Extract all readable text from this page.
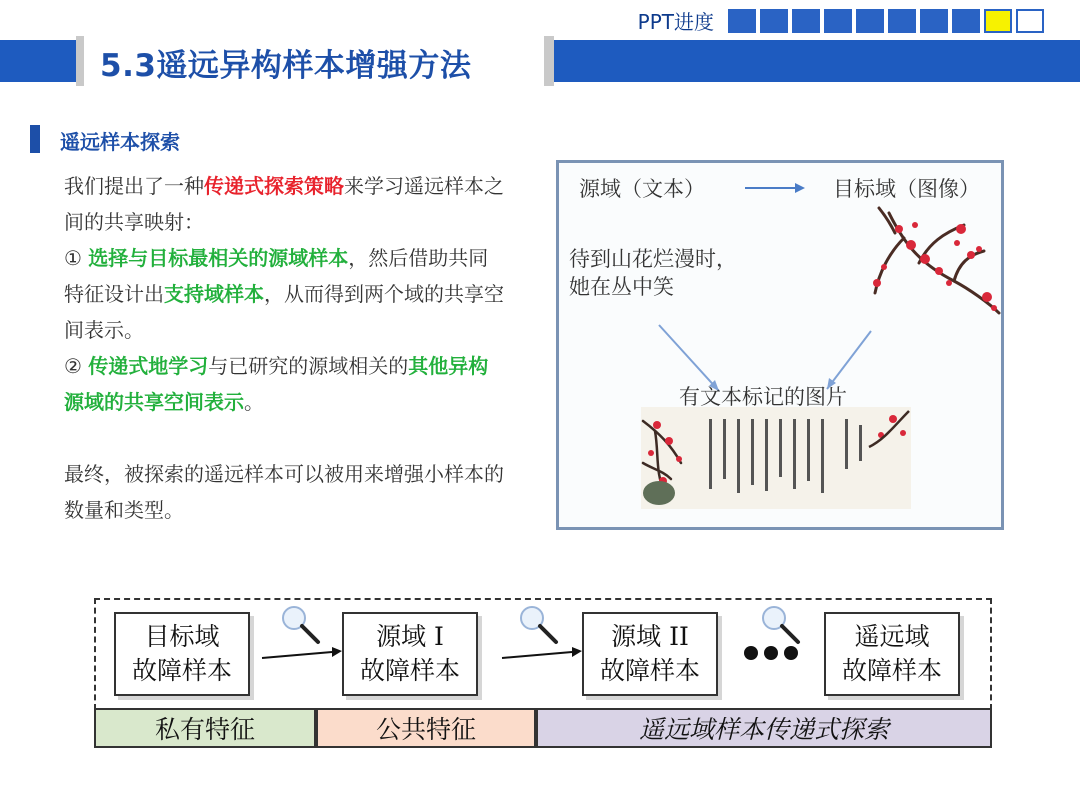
PPT进度
5.3遥远异构样本增强方法
遥远样本探索

我们提出了一种传递式探索策略来学习遥远样本之间的共享映射：

① 选择与目标最相关的源域样本，然后借助共同特征设计出支持域样本，从而得到两个域的共享空间表示。

② 传递式地学习与已研究的源域相关的其他异构源域的共享空间表示。

最终，被探索的遥远样本可以被用来增强小样本的数量和类型。

源域（文本）	目标域（图像）
待到山花烂漫时，
她在丛中笑
有文本标记的图片
目标域
故障样本
源域 I
故障样本
源域 II
故障样本
遥远域
故障样本
私有特征	公共特征	遥远域样本传递式探索
